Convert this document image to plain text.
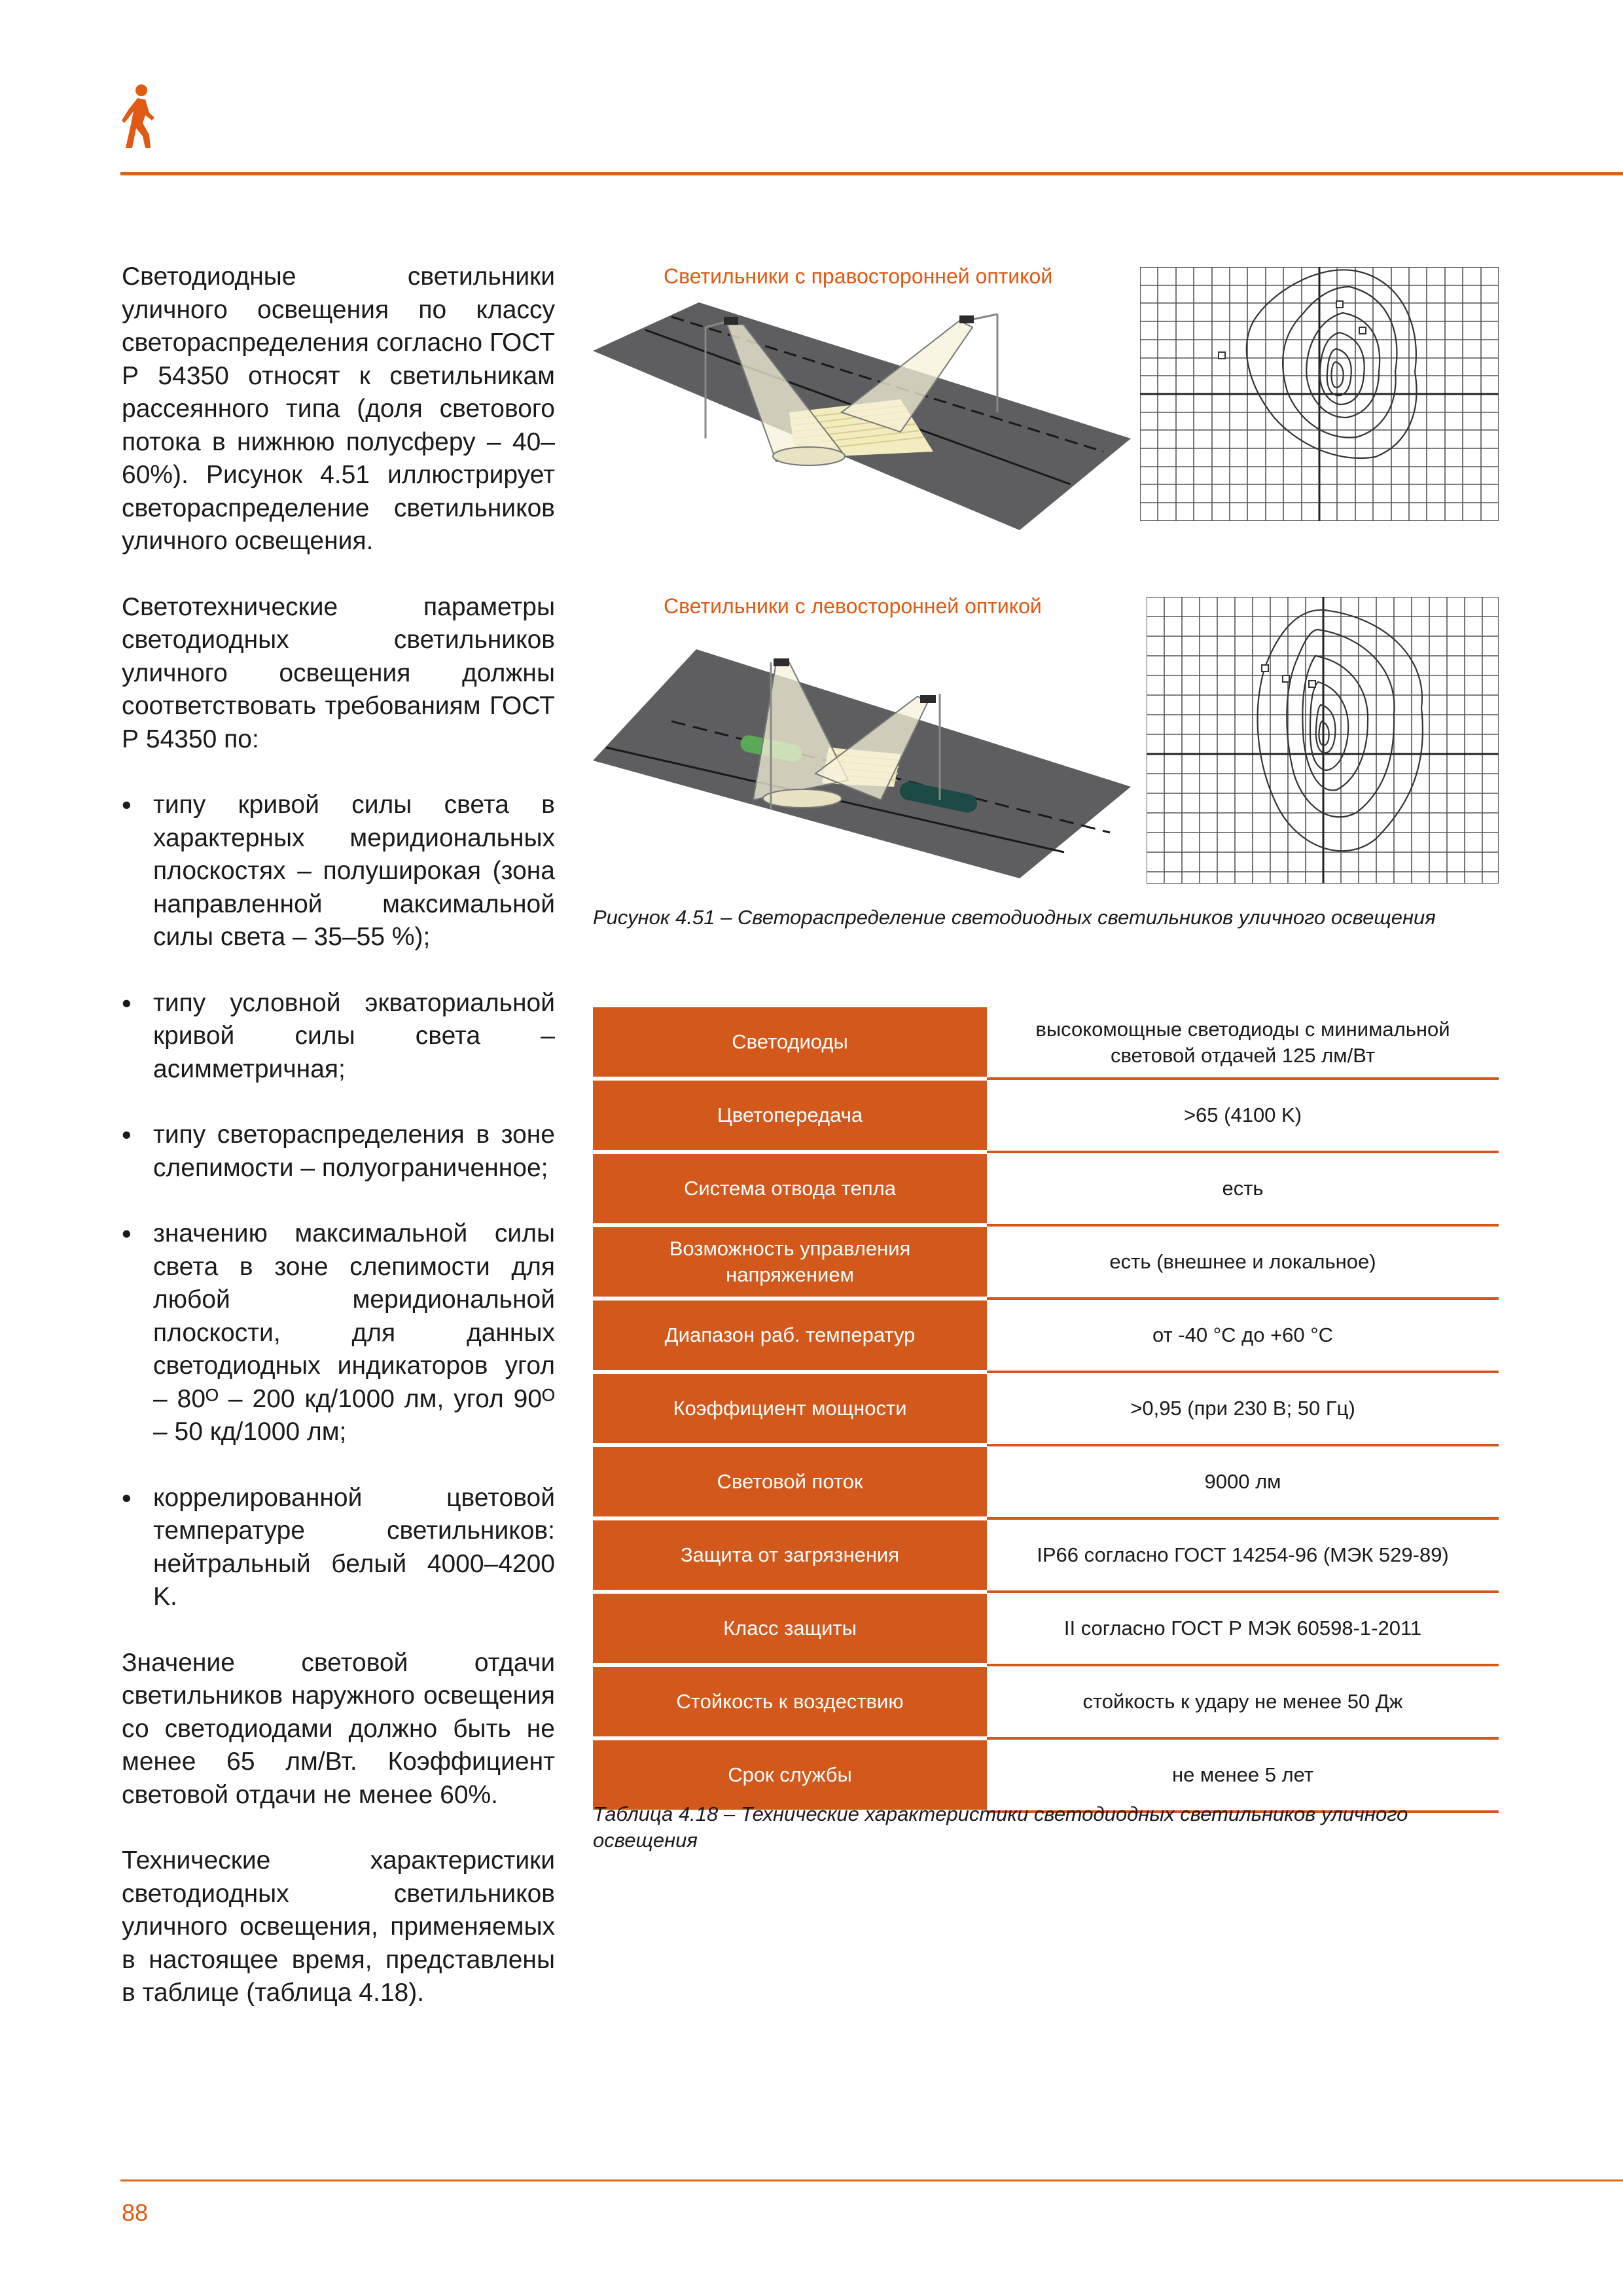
Светодиодные светильники уличного освещения по классу светораспределения согласно ГОСТ Р 54350 относят к светильникам рассеянного типа (доля светового потока в нижнюю полусферу – 40–60%). Рисунок 4.51 иллюстрирует светораспределение светильников уличного освещения.

Светотехнические параметры светодиодных светильников уличного освещения должны соответствовать требованиям ГОСТ Р 54350 по:

• типу кривой силы света в характерных меридиональных плоскостях – полуширокая (зона направленной максимальной силы света – 35–55 %);
• типу условной экваториальной кривой силы света – асимметричная;
• типу светораспределения в зоне слепимости – полуограниченное;
• значению максимальной силы света в зоне слепимости для любой меридиональной плоскости, для данных светодиодных индикаторов угол – 80ᴼ – 200 кд/1000 лм, угол 90ᴼ – 50 кд/1000 лм;
• коррелированной цветовой температуре светильников: нейтральный белый 4000–4200 K.

Значение световой отдачи светильников наружного освещения со светодиодами должно быть не менее 65 лм/Вт. Коэффициент световой отдачи не менее 60%.

Технические характеристики светодиодных светильников уличного освещения, применяемых в настоящее время, представлены в таблице (таблица 4.18).

Светильники с правосторонней оптикой
Светильники с левосторонней оптикой
Рисунок 4.51 – Светораспределение светодиодных светильников уличного освещения
Светодиоды	высокомощные светодиоды с минимальной световой отдачей 125 лм/Вт
Цветопередача	>65 (4100 K)
Система отвода тепла	есть
Возможность управления напряжением	есть (внешнее и локальное)
Диапазон раб. температур	от -40 °С до +60 °С
Коэффициент мощности	>0,95 (при 230 В; 50 Гц)
Световой поток	9000 лм
Защита от загрязнения	IP66 согласно ГОСТ 14254-96 (МЭК 529-89)
Класс защиты	II согласно ГОСТ Р МЭК 60598-1-2011
Стойкость к воздествию	стойкость к удару не менее 50 Дж
Срок службы	не менее 5 лет
Таблица 4.18 – Технические характеристики светодиодных светильников уличного освещения
88
